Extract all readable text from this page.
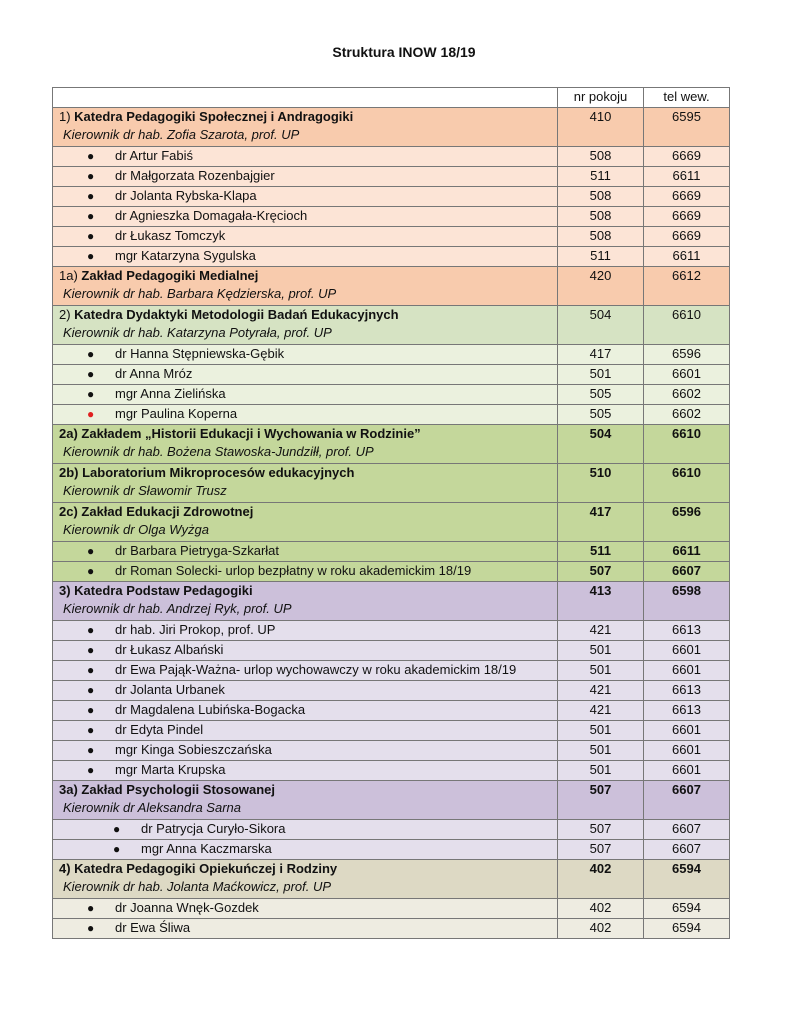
Struktura INOW 18/19
	nr pokoju	tel wew.

1) Katedra Pedagogiki Społecznej i Andragogiki
Kierownik dr hab. Zofia Szarota, prof. UP	410	6595

● dr Artur Fabiś	508	6669

● dr Małgorzata Rozenbajgier	511	6611

● dr Jolanta Rybska-Klapa	508	6669

● dr Agnieszka Domagała-Kręcioch	508	6669

● dr Łukasz Tomczyk	508	6669

● mgr Katarzyna Sygulska	511	6611

1a) Zakład Pedagogiki Medialnej
Kierownik dr hab. Barbara Kędzierska, prof. UP	420	6612

2) Katedra Dydaktyki Metodologii Badań Edukacyjnych
Kierownik dr hab. Katarzyna Potyrała, prof. UP	504	6610

● dr Hanna Stępniewska-Gębik	417	6596

● dr Anna Mróz	501	6601

● mgr Anna Zielińska	505	6602

● mgr Paulina Koperna	505	6602

2a) Zakładem „Historii Edukacji i Wychowania w Rodzinie”
Kierownik dr hab. Bożena Stawoska-Jundziłł, prof. UP	504	6610

2b) Laboratorium Mikroprocesów edukacyjnych
Kierownik dr Sławomir Trusz	510	6610

2c) Zakład Edukacji Zdrowotnej
Kierownik dr Olga Wyżga	417	6596

● dr Barbara Pietryga-Szkarłat	511	6611

● dr Roman Solecki- urlop bezpłatny w roku akademickim 18/19	507	6607

3) Katedra Podstaw Pedagogiki
Kierownik dr hab. Andrzej Ryk, prof. UP	413	6598

● dr hab. Jiri Prokop, prof. UP	421	6613

● dr Łukasz Albański	501	6601

● dr Ewa Pająk-Ważna- urlop wychowawczy w roku akademickim 18/19	501	6601

● dr Jolanta Urbanek	421	6613

● dr Magdalena Lubińska-Bogacka	421	6613

● dr Edyta Pindel	501	6601

● mgr Kinga Sobieszczańska	501	6601

● mgr Marta Krupska	501	6601

3a) Zakład Psychologii Stosowanej
Kierownik dr Aleksandra Sarna	507	6607

● dr Patrycja Curyło-Sikora	507	6607

● mgr Anna Kaczmarska	507	6607

4) Katedra Pedagogiki Opiekuńczej i Rodziny
Kierownik dr hab. Jolanta Maćkowicz, prof. UP	402	6594

● dr Joanna Wnęk-Gozdek	402	6594

● dr Ewa Śliwa	402	6594
